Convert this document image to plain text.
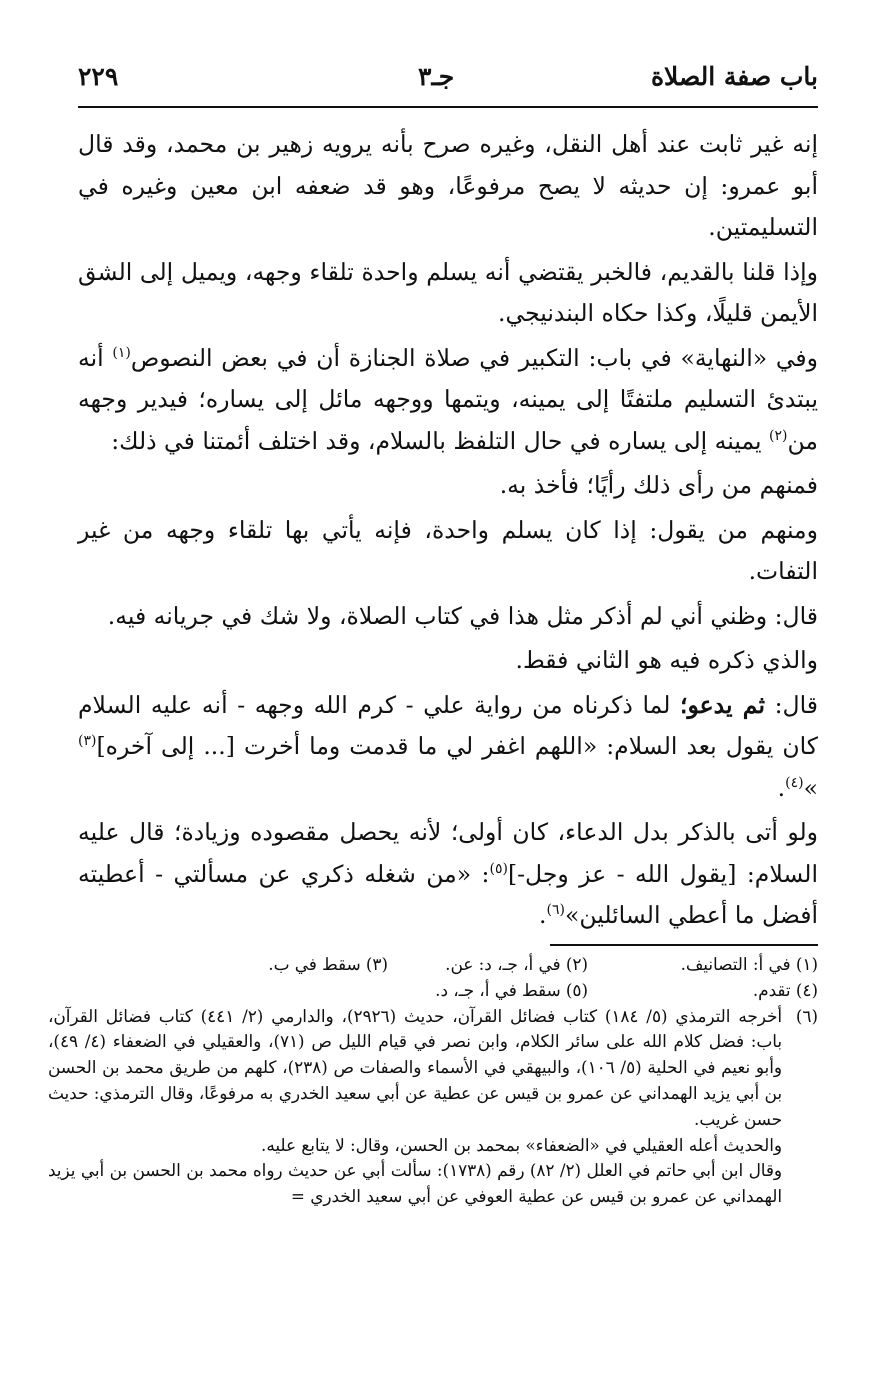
باب صفة الصلاة
جـ٣
٢٢٩

إنه غير ثابت عند أهل النقل، وغيره صرح بأنه يرويه زهير بن محمد، وقد قال أبو عمرو: إن حديثه لا يصح مرفوعًا، وهو قد ضعفه ابن معين وغيره في التسليمتين.

وإذا قلنا بالقديم، فالخبر يقتضي أنه يسلم واحدة تلقاء وجهه، ويميل إلى الشق الأيمن قليلًا، وكذا حكاه البندنيجي.

وفي «النهاية» في باب: التكبير في صلاة الجنازة أن في بعض النصوص$^{(١)}$ أنه يبتدئ التسليم ملتفتًا إلى يمينه، ويتمها ووجهه مائل إلى يساره؛ فيدير وجهه من$^{(٢)}$ يمينه إلى يساره في حال التلفظ بالسلام، وقد اختلف أئمتنا في ذلك:

فمنهم من رأى ذلك رأيًا؛ فأخذ به.

ومنهم من يقول: إذا كان يسلم واحدة، فإنه يأتي بها تلقاء وجهه من غير التفات.

قال: وظني أني لم أذكر مثل هذا في كتاب الصلاة، ولا شك في جريانه فيه.

والذي ذكره فيه هو الثاني فقط.

قال: ثم يدعو؛ لما ذكرناه من رواية علي - كرم الله وجهه - أنه عليه السلام كان يقول بعد السلام: «اللهم اغفر لي ما قدمت وما أخرت [... إلى آخره]$^{(٣)}$ »$^{(٤)}$.

ولو أتى بالذكر بدل الدعاء، كان أولى؛ لأنه يحصل مقصوده وزيادة؛ قال عليه السلام: [يقول الله - عز وجل-]$^{(٥)}$: «من شغله ذكري عن مسألتي - أعطيته أفضل ما أعطي السائلين»$^{(٦)}$.

(١) في أ: التصانيف.
(٢) في أ، جـ، د: عن.
(٣) سقط في ب.
(٤) تقدم.
(٥) سقط في أ، جـ، د.
(٦)
أخرجه الترمذي (٥/ ١٨٤) كتاب فضائل القرآن، حديث (٢٩٢٦)، والدارمي (٢/ ٤٤١) كتاب فضائل القرآن، باب: فضل كلام الله على سائر الكلام، وابن نصر في قيام الليل ص (٧١)، والعقيلي في الضعفاء (٤/ ٤٩)، وأبو نعيم في الحلية (٥/ ١٠٦)، والبيهقي في الأسماء والصفات ص (٢٣٨)، كلهم من طريق محمد بن الحسن بن أبي يزيد الهمداني عن عمرو بن قيس عن عطية عن أبي سعيد الخدري به مرفوعًا، وقال الترمذي: حديث حسن غريب.
والحديث أعله العقيلي في «الضعفاء» بمحمد بن الحسن، وقال: لا يتابع عليه.
وقال ابن أبي حاتم في العلل (٢/ ٨٢) رقم (١٧٣٨): سألت أبي عن حديث رواه محمد بن الحسن بن أبي يزيد الهمداني عن عمرو بن قيس عن عطية العوفي عن أبي سعيد الخدري =
